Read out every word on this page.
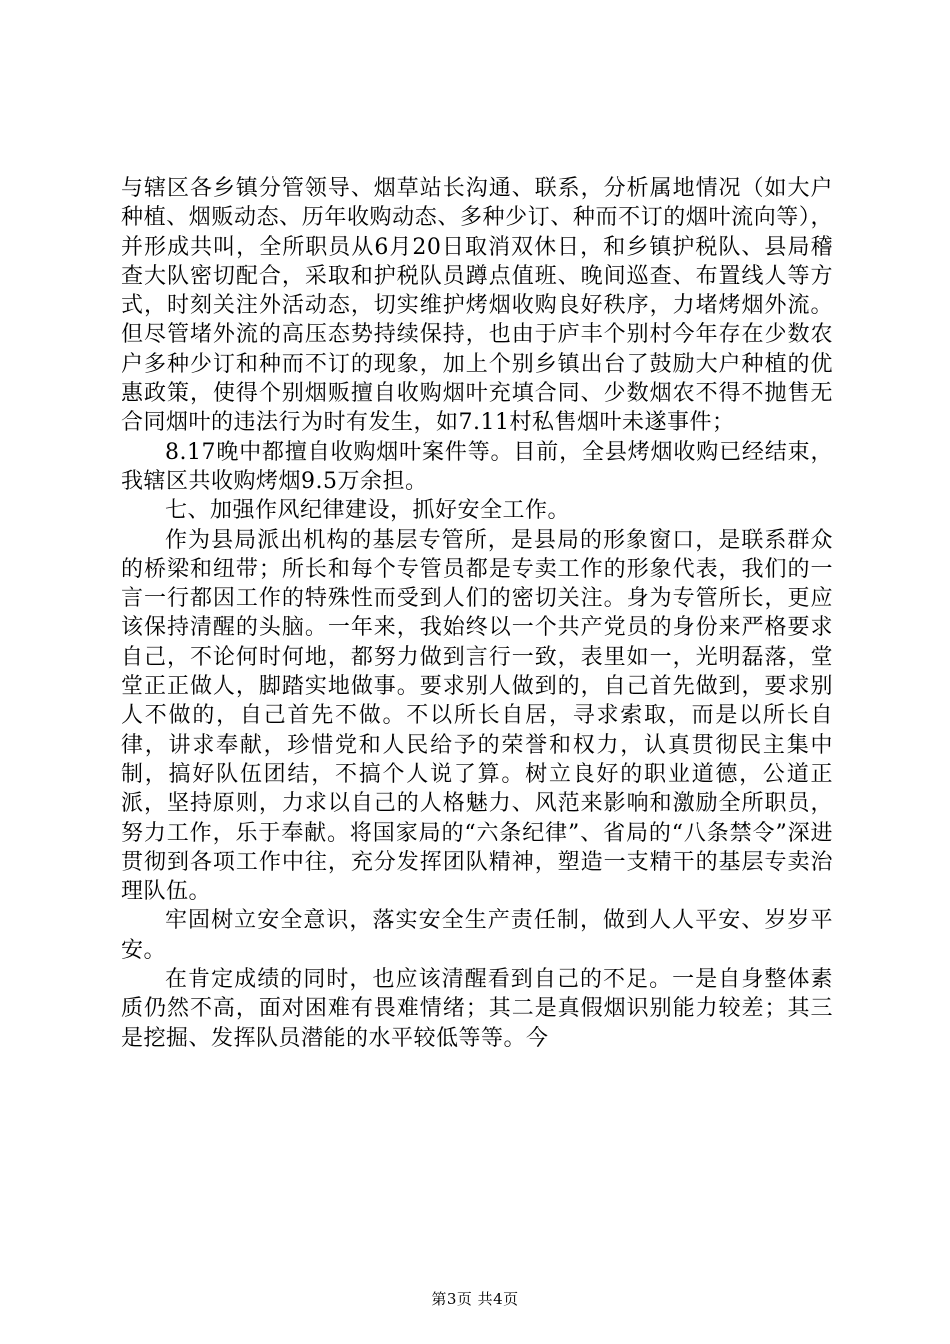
与辖区各乡镇分管领导、烟草站长沟通、联系，分析属地情况（如大户种植、烟贩动态、历年收购动态、多种少订、种而不订的烟叶流向等），并形成共叫，全所职员从6月20日取消双休日，和乡镇护税队、县局稽查大队密切配合，采取和护税队员蹲点值班、晚间巡查、布置线人等方式，时刻关注外活动态，切实维护烤烟收购良好秩序，力堵烤烟外流。但尽管堵外流的高压态势持续保持，也由于庐丰个别村今年存在少数农户多种少订和种而不订的现象，加上个别乡镇出台了鼓励大户种植的优惠政策，使得个别烟贩擅自收购烟叶充填合同、少数烟农不得不抛售无合同烟叶的违法行为时有发生，如7.11村私售烟叶未遂事件；

8.17晚中都擅自收购烟叶案件等。目前，全县烤烟收购已经结束，我辖区共收购烤烟9.5万余担。

七、加强作风纪律建设，抓好安全工作。

作为县局派出机构的基层专管所，是县局的形象窗口，是联系群众的桥梁和纽带；所长和每个专管员都是专卖工作的形象代表，我们的一言一行都因工作的特殊性而受到人们的密切关注。身为专管所长，更应该保持清醒的头脑。一年来，我始终以一个共产党员的身份来严格要求自己，不论何时何地，都努力做到言行一致，表里如一，光明磊落，堂堂正正做人，脚踏实地做事。要求别人做到的，自己首先做到，要求别人不做的，自己首先不做。不以所长自居，寻求索取，而是以所长自律，讲求奉献，珍惜党和人民给予的荣誉和权力，认真贯彻民主集中制，搞好队伍团结，不搞个人说了算。树立良好的职业道德，公道正派，坚持原则，力求以自己的人格魅力、风范来影响和激励全所职员，努力工作，乐于奉献。将国家局的“六条纪律”、省局的“八条禁令”深进贯彻到各项工作中往，充分发挥团队精神，塑造一支精干的基层专卖治理队伍。

牢固树立安全意识，落实安全生产责任制，做到人人平安、岁岁平安。

在肯定成绩的同时，也应该清醒看到自己的不足。一是自身整体素质仍然不高，面对困难有畏难情绪；其二是真假烟识别能力较差；其三是挖掘、发挥队员潜能的水平较低等等。今

第3页 共4页
